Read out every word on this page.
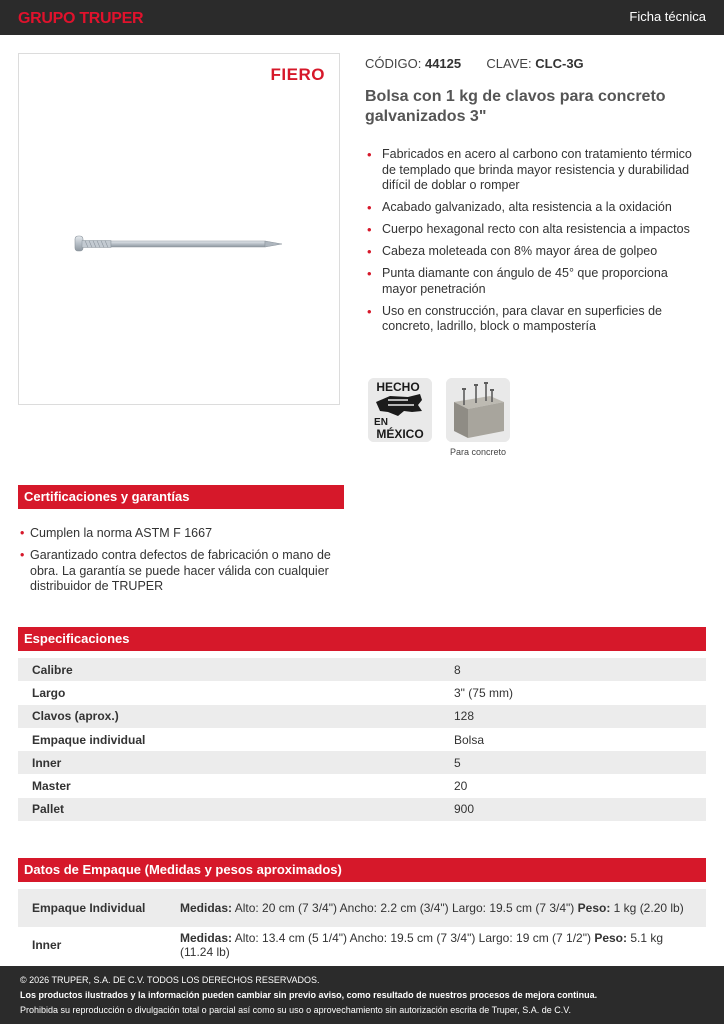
GRUPO TRUPER	Ficha técnica
FIERO
CÓDIGO: 44125 CLAVE: CLC-3G
Bolsa con 1 kg de clavos para concreto galvanizados 3"
• Fabricados en acero al carbono con tratamiento térmico de templado que brinda mayor resistencia y durabilidad difícil de doblar o romper
• Acabado galvanizado, alta resistencia a la oxidación
• Cuerpo hexagonal recto con alta resistencia a impactos
• Cabeza moleteada con 8% mayor área de golpeo
• Punta diamante con ángulo de 45° que proporciona mayor penetración
• Uso en construcción, para clavar en superficies de concreto, ladrillo, block o mampostería
HECHO
EN
MÉXICO
Para concreto
Certificaciones y garantías
• Cumplen la norma ASTM F 1667
• Garantizado contra defectos de fabricación o mano de obra. La garantía se puede hacer válida con cualquier distribuidor de TRUPER
Especificaciones
Calibre	8
Largo	3" (75 mm)
Clavos (aprox.)	128
Empaque individual	Bolsa
Inner	5
Master	20
Pallet	900
Datos de Empaque (Medidas y pesos aproximados)
Empaque Individual	Medidas: Alto: 20 cm (7 3/4") Ancho: 2.2 cm (3/4") Largo: 19.5 cm (7 3/4") Peso: 1 kg (2.20 lb)
Inner	Medidas: Alto: 13.4 cm (5 1/4") Ancho: 19.5 cm (7 3/4") Largo: 19 cm (7 1/2") Peso: 5.1 kg (11.24 lb)
© 2026 TRUPER, S.A. DE C.V. TODOS LOS DERECHOS RESERVADOS.
Los productos ilustrados y la información pueden cambiar sin previo aviso, como resultado de nuestros procesos de mejora continua.
Prohibida su reproducción o divulgación total o parcial así como su uso o aprovechamiento sin autorización escrita de Truper, S.A. de C.V.
